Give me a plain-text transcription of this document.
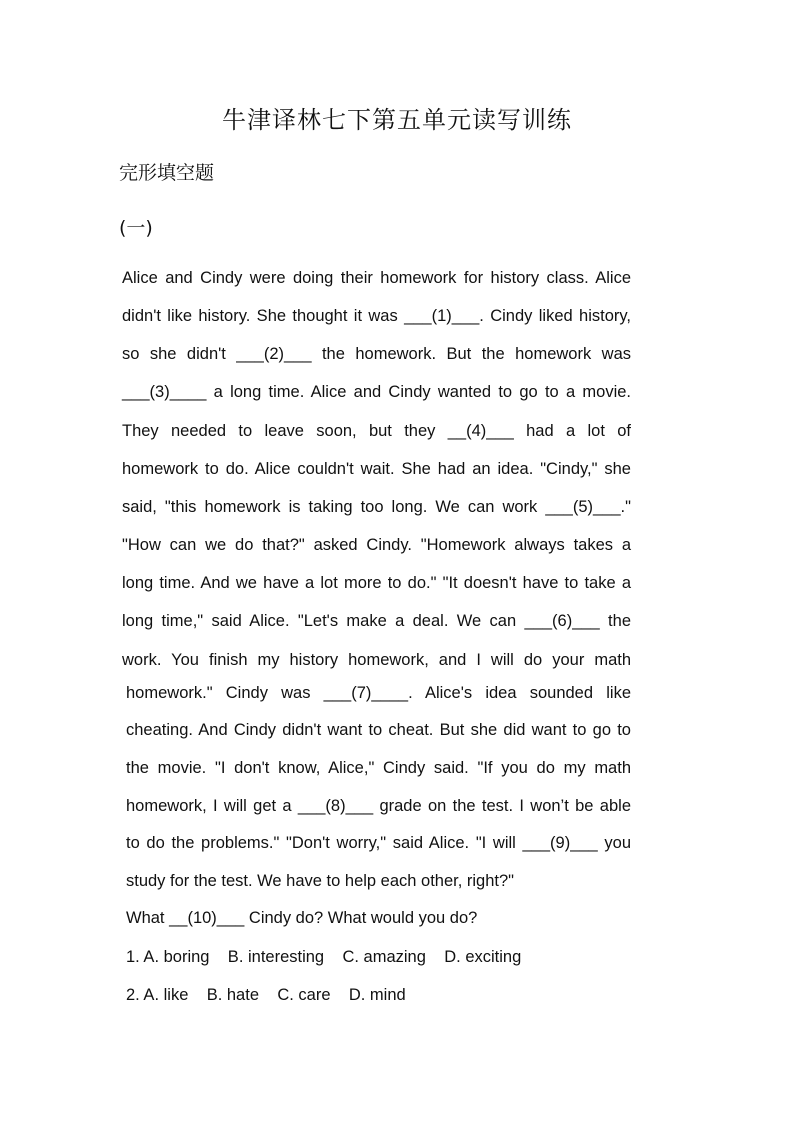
牛津译林七下第五单元读写训练
完形填空题
(一)
Alice and Cindy were doing their homework for history class. Alice
didn't like history. She thought it was ___(1)___. Cindy liked history,
so she didn't ___(2)___ the homework. But the homework was
___(3)____ a long time. Alice and Cindy wanted to go to a movie.
They needed to leave soon, but they __(4)___ had a lot of
homework to do. Alice couldn't wait. She had an idea. "Cindy," she
said, "this homework is taking too long. We can work ___(5)___."
"How can we do that?" asked Cindy. "Homework always takes a
long time. And we have a lot more to do." "It doesn't have to take a
long time," said Alice. "Let's make a deal. We can ___(6)___ the
work. You finish my history homework, and I will do your math
homework." Cindy was ___(7)____. Alice's idea sounded like
cheating. And Cindy didn't want to cheat. But she did want to go to
the movie. "I don't know, Alice," Cindy said. "If you do my math
homework, I will get a ___(8)___ grade on the test. I won’t be able
to do the problems." "Don't worry," said Alice. "I will ___(9)___ you
study for the test. We have to help each other, right?"
What __(10)___ Cindy do? What would you do?
1. A. boring    B. interesting    C. amazing    D. exciting
2. A. like    B. hate    C. care    D. mind
